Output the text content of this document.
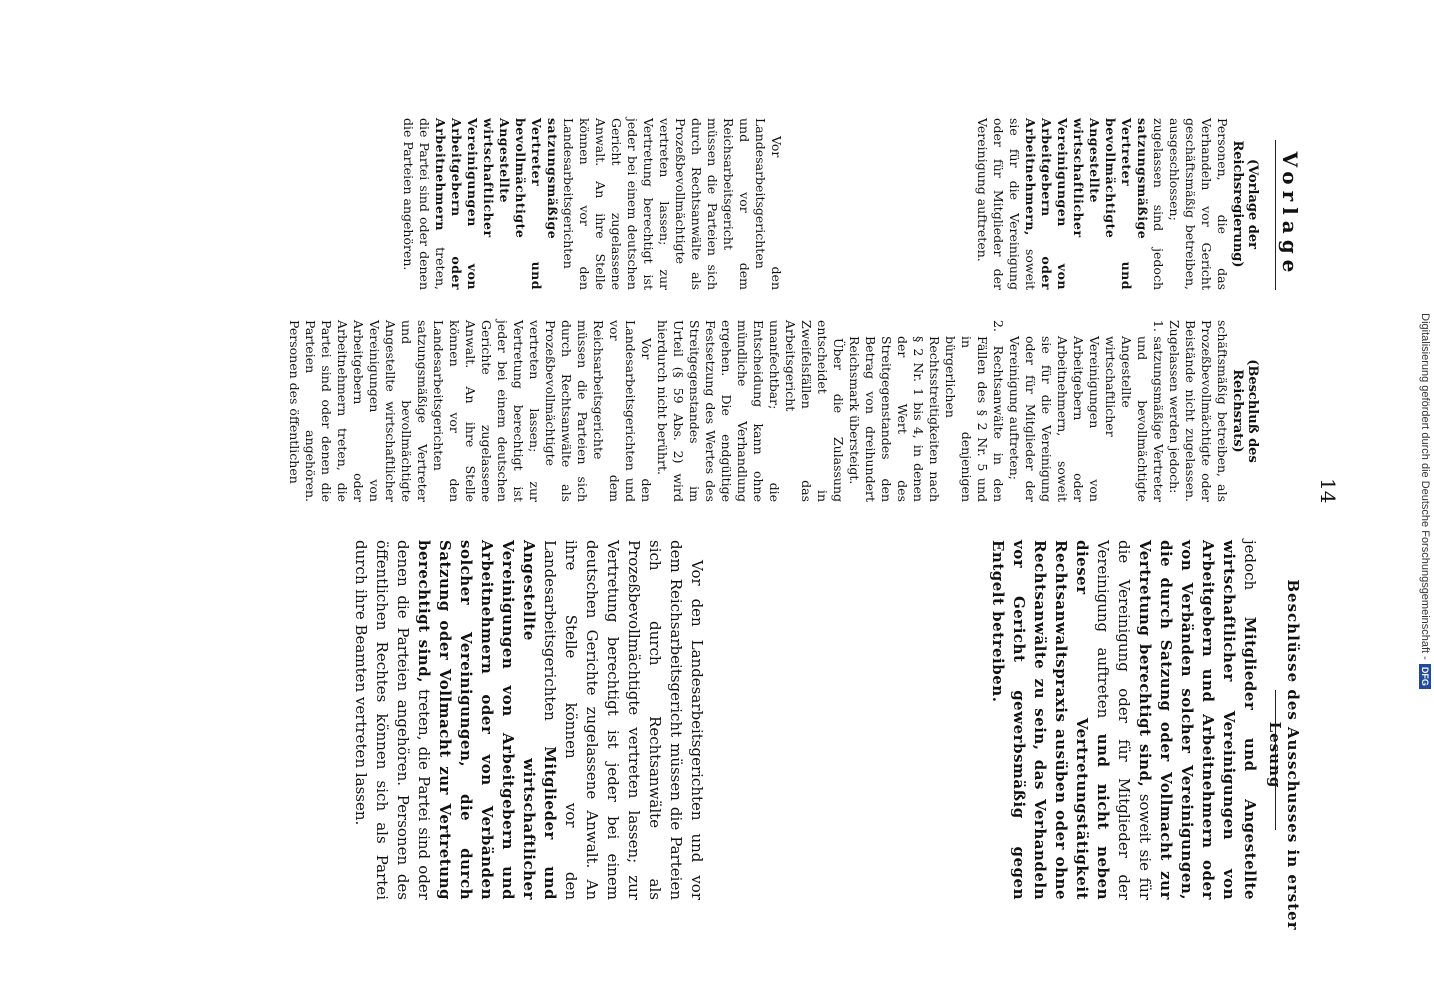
14
Vorlage
Beschlüsse des Ausschusses in erster Lesung
(Vorlage der Reichsregierung)

Personen, die das Verhandeln vor Gericht geschäftsmäßig betreiben, ausgeschlossen; zugelassen sind jedoch satzungsmäßige Vertreter und bevollmächtigte Angestellte wirtschaftlicher Vereinigungen von Arbeitgebern oder Arbeitnehmern, soweit sie für die Vereinigung oder für Mitglieder der Vereinigung auftreten.

Vor den Landesarbeitsgerichten und vor dem Reichsarbeitsgericht müssen die Parteien sich durch Rechtsanwälte als Prozeßbevollmächtigte vertreten lassen; zur Vertretung berechtigt ist jeder bei einem deutschen Gericht zugelassene Anwalt. An ihre Stelle können vor den Landesarbeitsgerichten satzungsmäßige Vertreter und bevollmächtigte Angestellte wirtschaftlicher Vereinigungen von Arbeitgebern oder Arbeitnehmern treten, die Partei sind oder denen die Parteien angehören.

(Beschluß des Reichsrats)

schäftsmäßig betreiben, als Prozeßbevollmächtigte oder Beistände nicht zugelassen. Zugelassen werden jedoch:

1. satzungsmäßige Vertreter und bevollmächtigte Angestellte wirtschaftlicher Vereinigungen von Arbeitgebern oder Arbeitnehmern, soweit sie für die Vereinigung oder für Mitglieder der Vereinigung auftreten;

2. Rechtsanwälte in den Fällen des § 2 Nr. 5 und in denjenigen bürgerlichen Rechtsstreitigkeiten nach § 2 Nr. 1 bis 4, in denen der Wert des Streitgegenstandes den Betrag von dreihundert Reichsmark übersteigt.

Über die Zulassung entscheidet in Zweifelsfällen das Arbeitsgericht unanfechtbar; die Entscheidung kann ohne mündliche Verhandlung ergehen. Die endgültige Festsetzung des Wertes des Streitgegenstandes im Urteil (§ 59 Abs. 2) wird hierdurch nicht berührt.

Vor den Landesarbeitsgerichten und vor dem Reichsarbeitsgerichte müssen die Parteien sich durch Rechtsanwälte als Prozeßbevollmächtigte vertreten lassen; zur Vertretung berechtigt ist jeder bei einem deutschen Gerichte zugelassene Anwalt. An ihre Stelle können vor den Landesarbeitsgerichten satzungsmäßige Vertreter und bevollmächtigte Angestellte wirtschaftlicher Vereinigungen von Arbeitgebern oder Arbeitnehmern treten, die Partei sind oder denen die Parteien angehören. Personen des öffentlichen

jedoch Mitglieder und Angestellte wirtschaftlicher Vereinigungen von Arbeitgebern und Arbeitnehmern oder von Verbänden solcher Vereinigungen, die durch Satzung oder Vollmacht zur Vertretung berechtigt sind, soweit sie für die Vereinigung oder für Mitglieder der Vereinigung auftreten und nicht neben dieser Vertretungstätigkeit Rechtsanwaltspraxis ausüben oder ohne Rechtsanwälte zu sein, das Verhandeln vor Gericht gewerbsmäßig gegen Entgelt betreiben.

Vor den Landesarbeitsgerichten und vor dem Reichsarbeitsgericht müssen die Parteien sich durch Rechtsanwälte als Prozeßbevollmächtigte vertreten lassen; zur Vertretung berechtigt ist jeder bei einem deutschen Gerichte zugelassene Anwalt. An ihre Stelle können vor den Landesarbeitsgerichten Mitglieder und Angestellte wirtschaftlicher Vereinigungen von Arbeitgebern und Arbeitnehmern oder von Verbänden solcher Vereinigungen, die durch Satzung oder Vollmacht zur Vertretung berechtigt sind, treten, die Partei sind oder denen die Parteien angehören. Personen des öffentlichen Rechtes können sich als Partei durch ihre Beamten vertreten lassen.

Digitalisierung gefördert durch die Deutsche Forschungsgemeinschaft -
DFG
